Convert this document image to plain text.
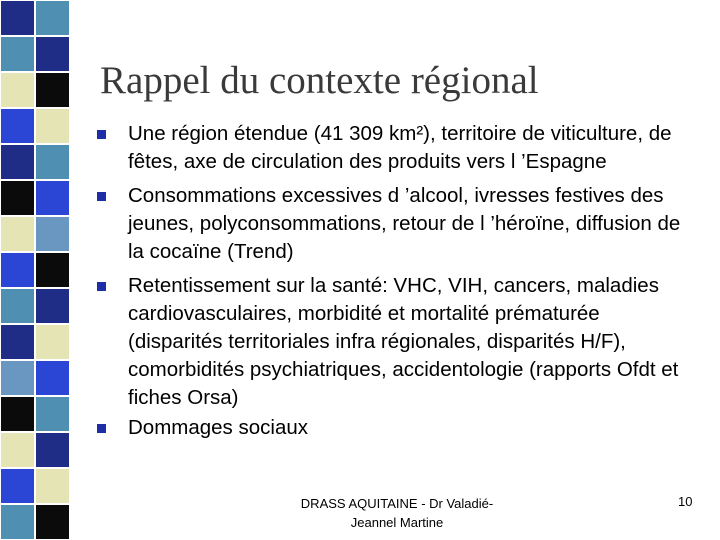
Rappel du contexte régional
Une région étendue (41 309 km²), territoire de viticulture, de fêtes, axe de circulation des produits vers l ’Espagne
Consommations excessives d ’alcool, ivresses festives des jeunes, polyconsommations, retour de l ’héroïne, diffusion de la cocaïne (Trend)
Retentissement sur la santé: VHC, VIH, cancers, maladies cardiovasculaires, morbidité et mortalité prématurée (disparités territoriales infra régionales, disparités H/F), comorbidités psychiatriques, accidentologie (rapports Ofdt et fiches Orsa)
Dommages sociaux
DRASS AQUITAINE - Dr Valadié-Jeannel Martine
10
